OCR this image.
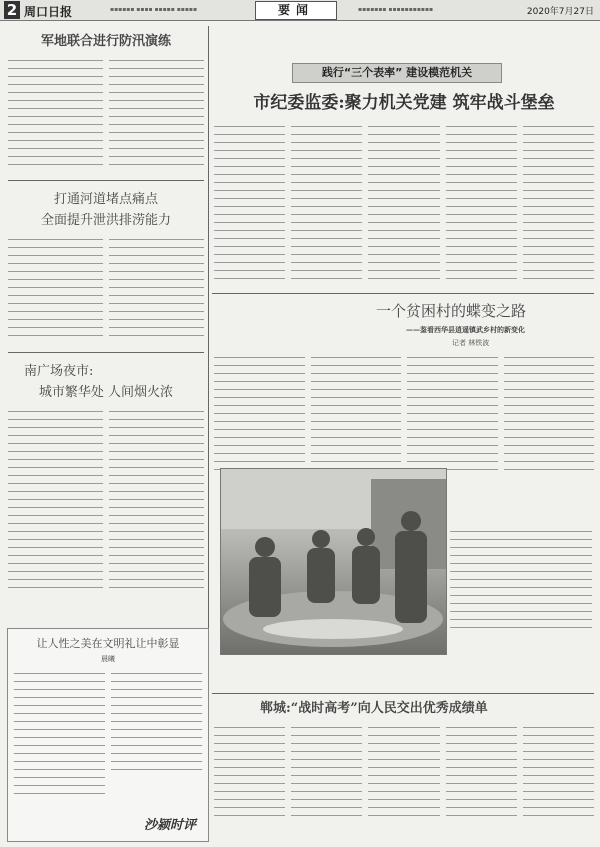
2 周口日报	▪▪▪▪▪▪ ▪▪▪▪ ▪▪▪▪▪ ▪▪▪▪▪	要闻	▪▪▪▪▪▪▪ ▪▪▪▪▪▪▪▪▪▪▪	2020年7月27日

军地联合进行防汛演练

打通河道堵点痛点

全面提升泄洪排涝能力

南广场夜市:

城市繁华处 人间烟火浓

让人性之美在文明礼让中彰显

晨曦

沙颍时评
践行“三个表率” 建设模范机关

市纪委监委:聚力机关党建 筑牢战斗堡垒

一个贫困村的蝶变之路

——鉴看西华县逍遥镇武乡村的新变化

记者 林铁波

郸城:“战时高考”向人民交出优秀成绩单
